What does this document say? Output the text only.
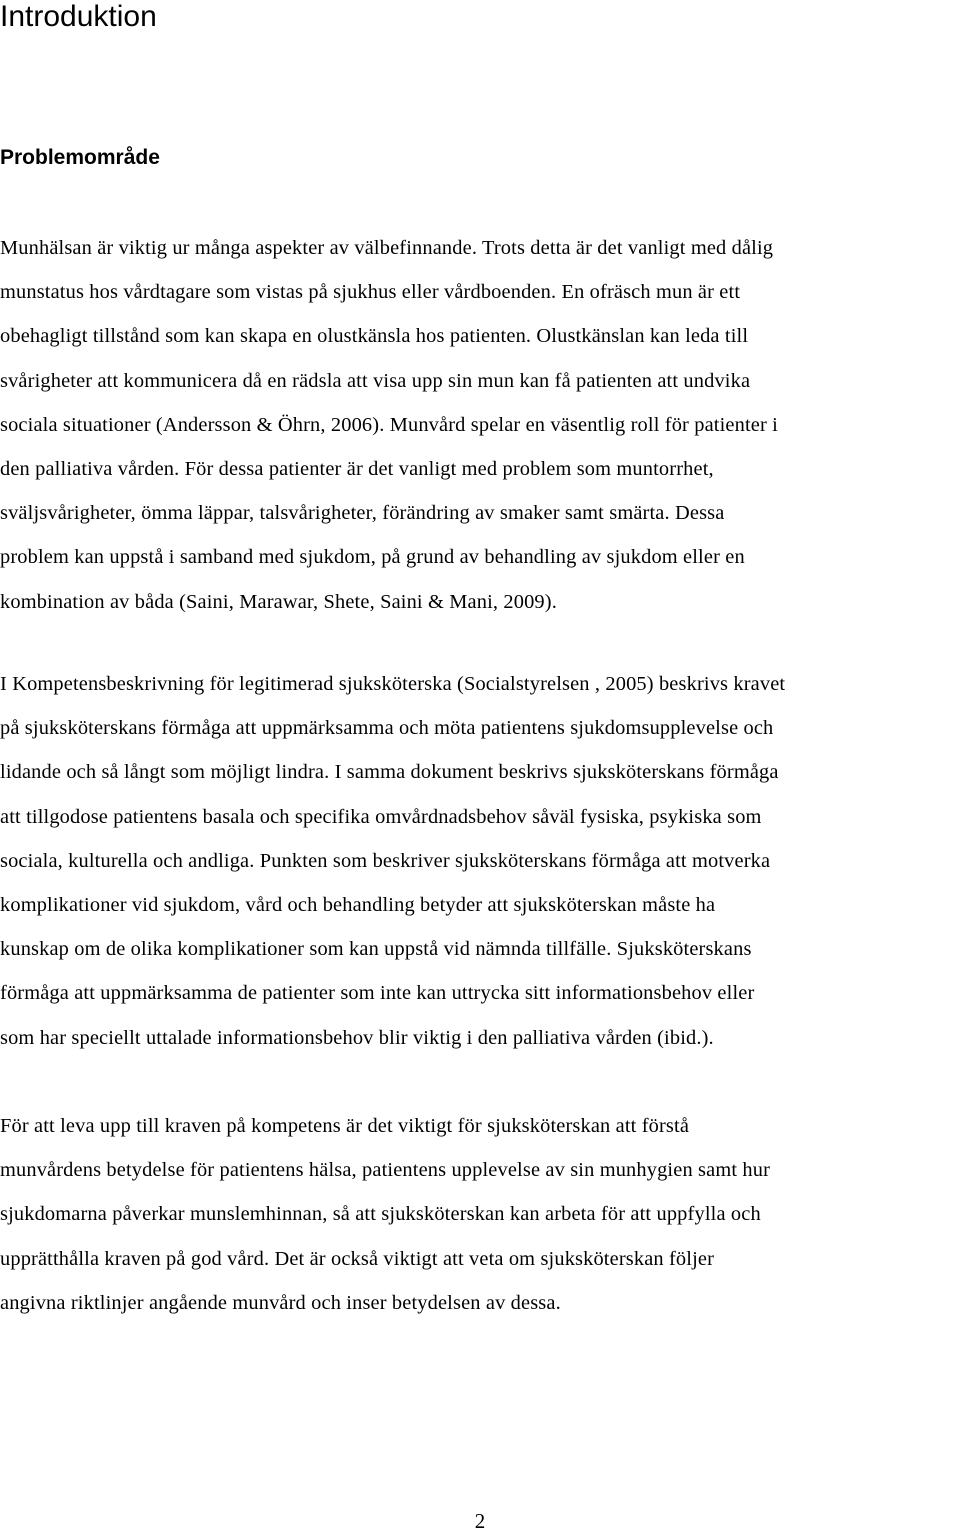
Introduktion
Problemområde

Munhälsan är viktig ur många aspekter av välbefinnande. Trots detta är det vanligt med dålig
munstatus hos vårdtagare som vistas på sjukhus eller vårdboenden. En ofräsch mun är ett
obehagligt tillstånd som kan skapa en olustkänsla hos patienten. Olustkänslan kan leda till
svårigheter att kommunicera då en rädsla att visa upp sin mun kan få patienten att undvika
sociala situationer (Andersson & Öhrn, 2006). Munvård spelar en väsentlig roll för patienter i
den palliativa vården. För dessa patienter är det vanligt med problem som muntorrhet,
sväljsvårigheter, ömma läppar, talsvårigheter, förändring av smaker samt smärta. Dessa
problem kan uppstå i samband med sjukdom, på grund av behandling av sjukdom eller en
kombination av båda (Saini, Marawar, Shete, Saini & Mani, 2009).

I Kompetensbeskrivning för legitimerad sjuksköterska (Socialstyrelsen , 2005) beskrivs kravet
på sjuksköterskans förmåga att uppmärksamma och möta patientens sjukdomsupplevelse och
lidande och så långt som möjligt lindra. I samma dokument beskrivs sjuksköterskans förmåga
att tillgodose patientens basala och specifika omvårdnadsbehov såväl fysiska, psykiska som
sociala, kulturella och andliga. Punkten som beskriver sjuksköterskans förmåga att motverka
komplikationer vid sjukdom, vård och behandling betyder att sjuksköterskan måste ha
kunskap om de olika komplikationer som kan uppstå vid nämnda tillfälle. Sjuksköterskans
förmåga att uppmärksamma de patienter som inte kan uttrycka sitt informationsbehov eller
som har speciellt uttalade informationsbehov blir viktig i den palliativa vården (ibid.).

För att leva upp till kraven på kompetens är det viktigt för sjuksköterskan att förstå
munvårdens betydelse för patientens hälsa, patientens upplevelse av sin munhygien samt hur
sjukdomarna påverkar munslemhinnan, så att sjuksköterskan kan arbeta för att uppfylla och
upprätthålla kraven på god vård. Det är också viktigt att veta om sjuksköterskan följer
angivna riktlinjer angående munvård och inser betydelsen av dessa.

2
